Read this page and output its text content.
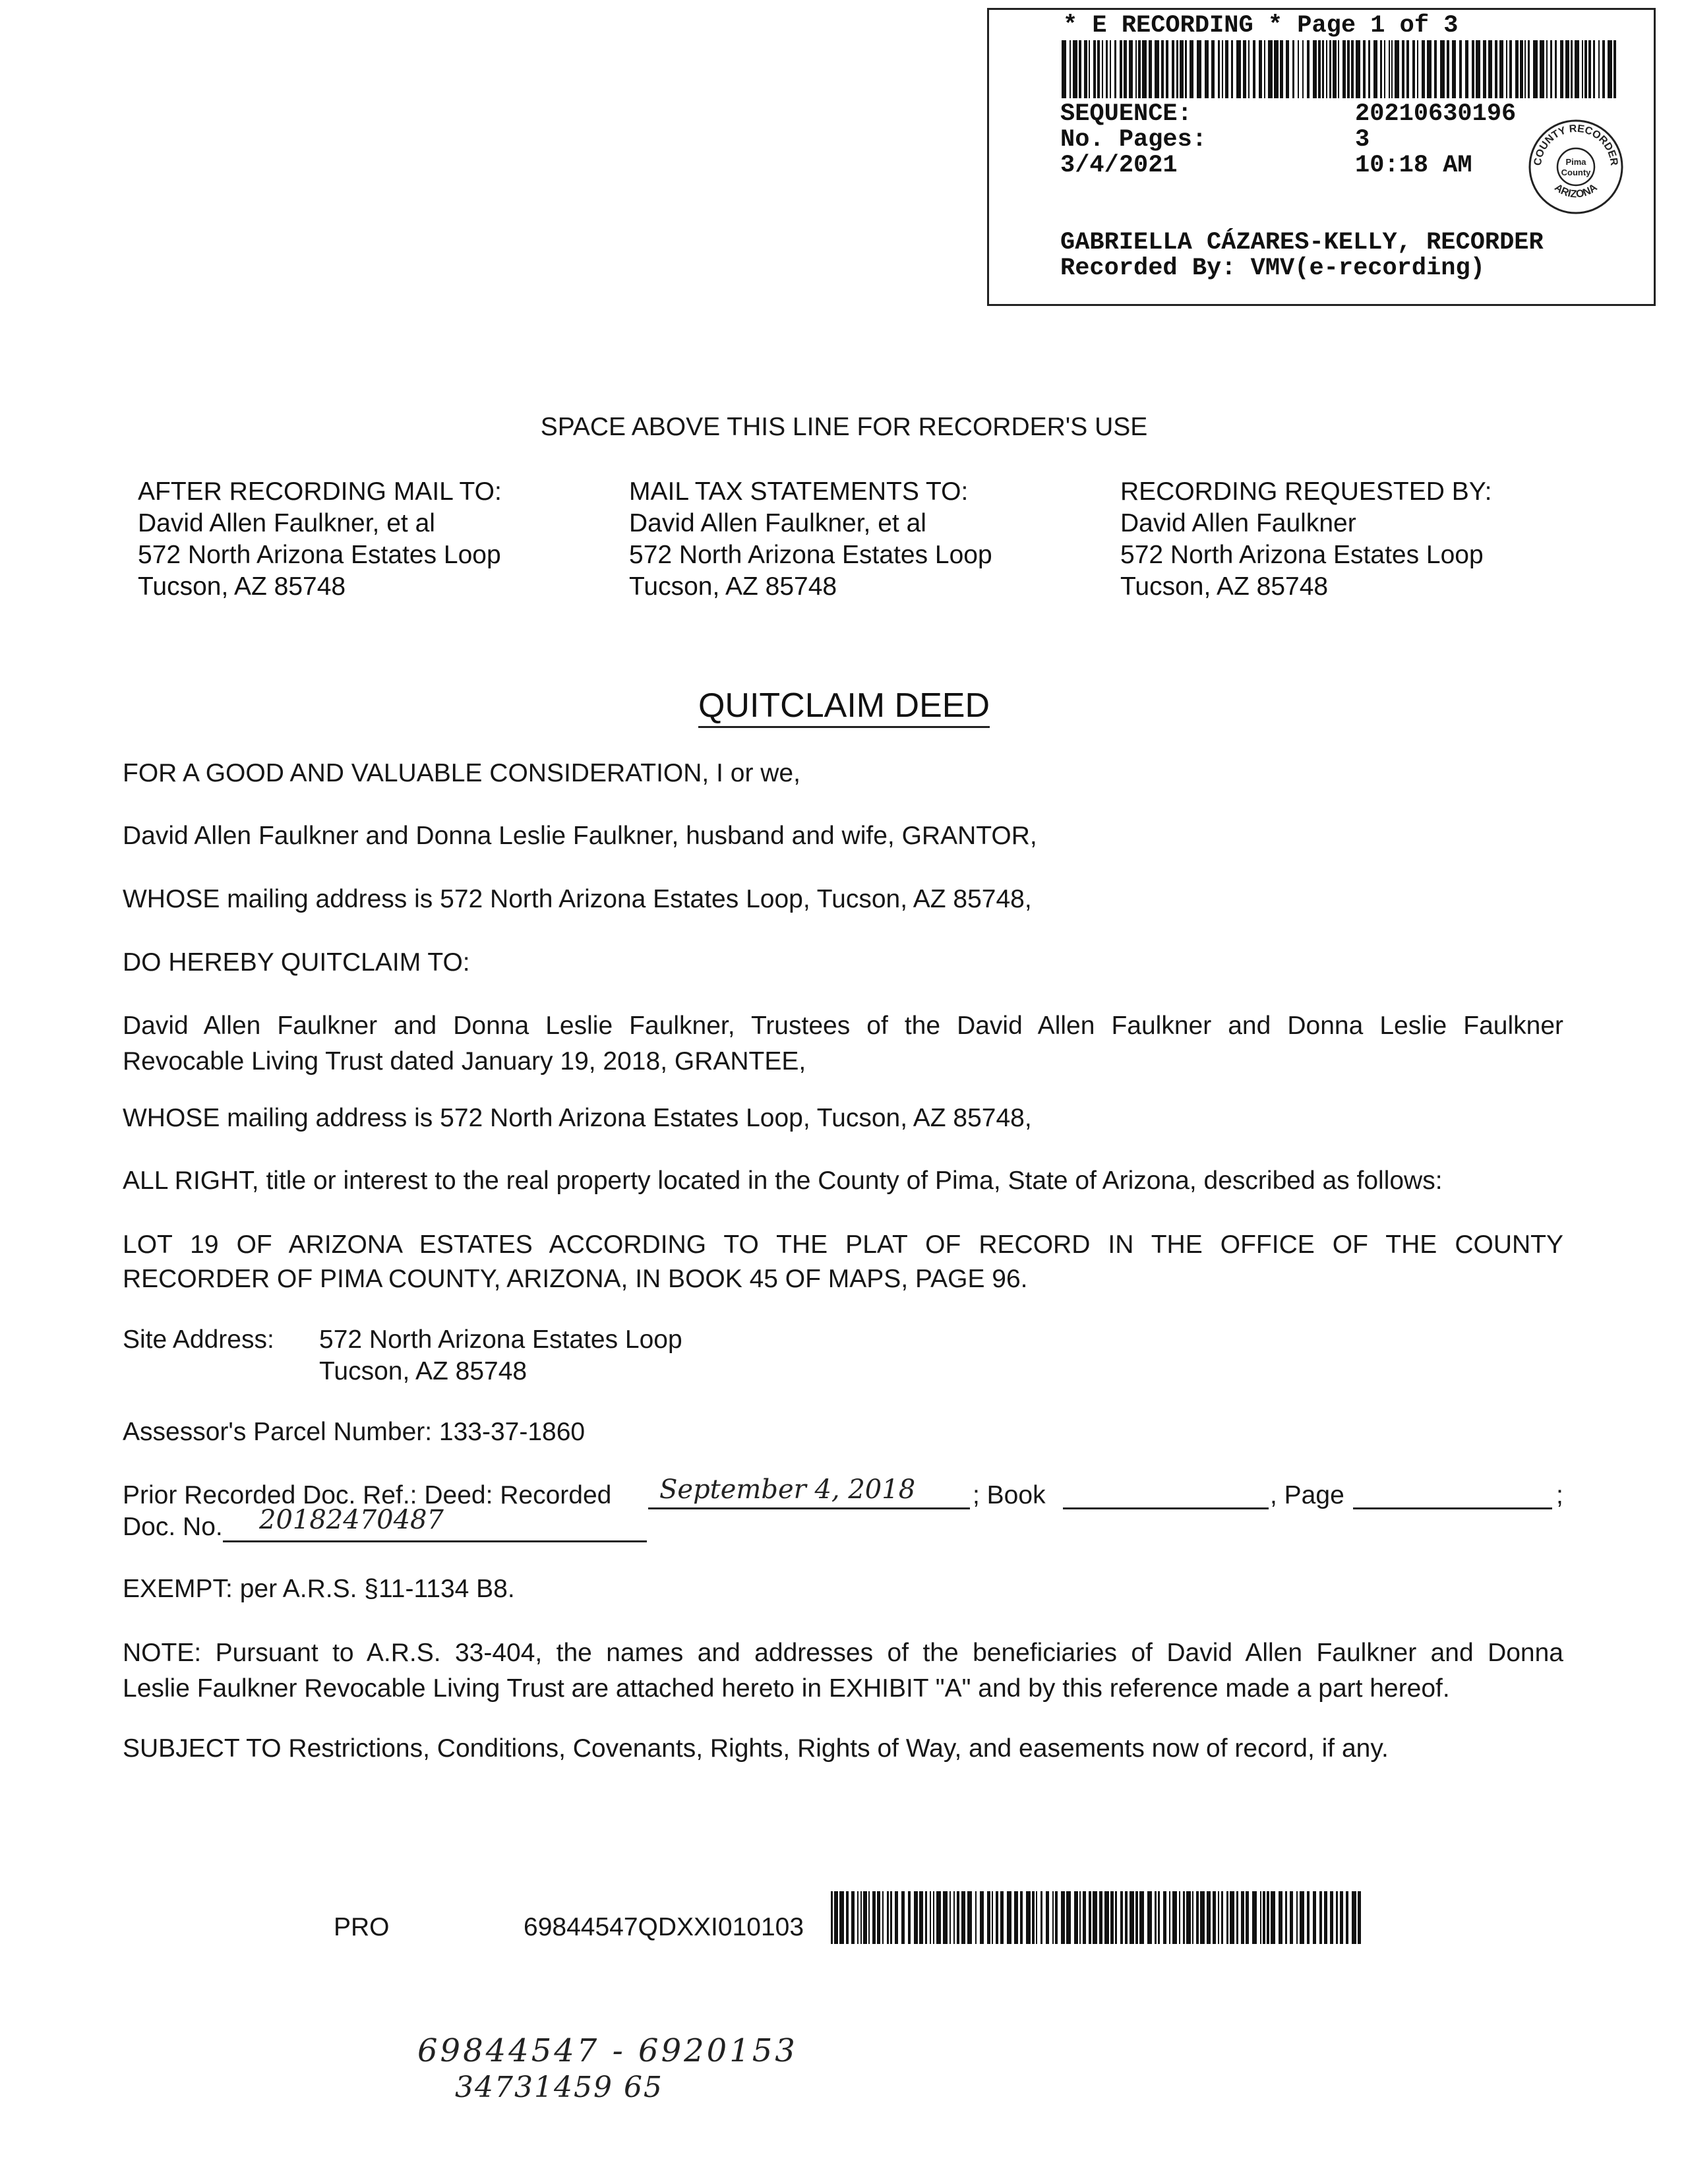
* E RECORDING * Page 1 of 3
SEQUENCE:	20210630196
No. Pages:	3
3/4/2021	10:18 AM
GABRIELLA CÁZARES-KELLY, RECORDER
Recorded By: VMV(e-recording)
COUNTY RECORDER
ARIZONA
Pima
County
SPACE ABOVE THIS LINE FOR RECORDER'S USE
AFTER RECORDING MAIL TO:
David Allen Faulkner, et al
572 North Arizona Estates Loop
Tucson, AZ 85748
MAIL TAX STATEMENTS TO:
David Allen Faulkner, et al
572 North Arizona Estates Loop
Tucson, AZ 85748
RECORDING REQUESTED BY:
David Allen Faulkner
572 North Arizona Estates Loop
Tucson, AZ 85748
QUITCLAIM DEED
FOR A GOOD AND VALUABLE CONSIDERATION, I or we,
David Allen Faulkner and Donna Leslie Faulkner, husband and wife, GRANTOR,
WHOSE mailing address is 572 North Arizona Estates Loop, Tucson, AZ 85748,
DO HEREBY QUITCLAIM TO:
David Allen Faulkner and Donna Leslie Faulkner, Trustees of the David Allen Faulkner and Donna Leslie Faulkner
Revocable Living Trust dated January 19, 2018, GRANTEE,
WHOSE mailing address is 572 North Arizona Estates Loop, Tucson, AZ 85748,
ALL RIGHT, title or interest to the real property located in the County of Pima, State of Arizona, described as follows:
LOT 19 OF ARIZONA ESTATES ACCORDING TO THE PLAT OF RECORD IN THE OFFICE OF THE COUNTY
RECORDER OF PIMA COUNTY, ARIZONA, IN BOOK 45 OF MAPS, PAGE 96.
Site Address: 572 North Arizona Estates Loop
Tucson, AZ 85748
Assessor's Parcel Number: 133-37-1860
Prior Recorded Doc. Ref.: Deed: Recorded September 4, 2018 ; Book	, Page	;
Doc. No. 20182470487
EXEMPT: per A.R.S. §11-1134 B8.
NOTE: Pursuant to A.R.S. 33-404, the names and addresses of the beneficiaries of David Allen Faulkner and Donna
Leslie Faulkner Revocable Living Trust are attached hereto in EXHIBIT "A" and by this reference made a part hereof.
SUBJECT TO Restrictions, Conditions, Covenants, Rights, Rights of Way, and easements now of record, if any.
PRO	69844547QDXXI010103
69844547 - 6920153
34731459 65
